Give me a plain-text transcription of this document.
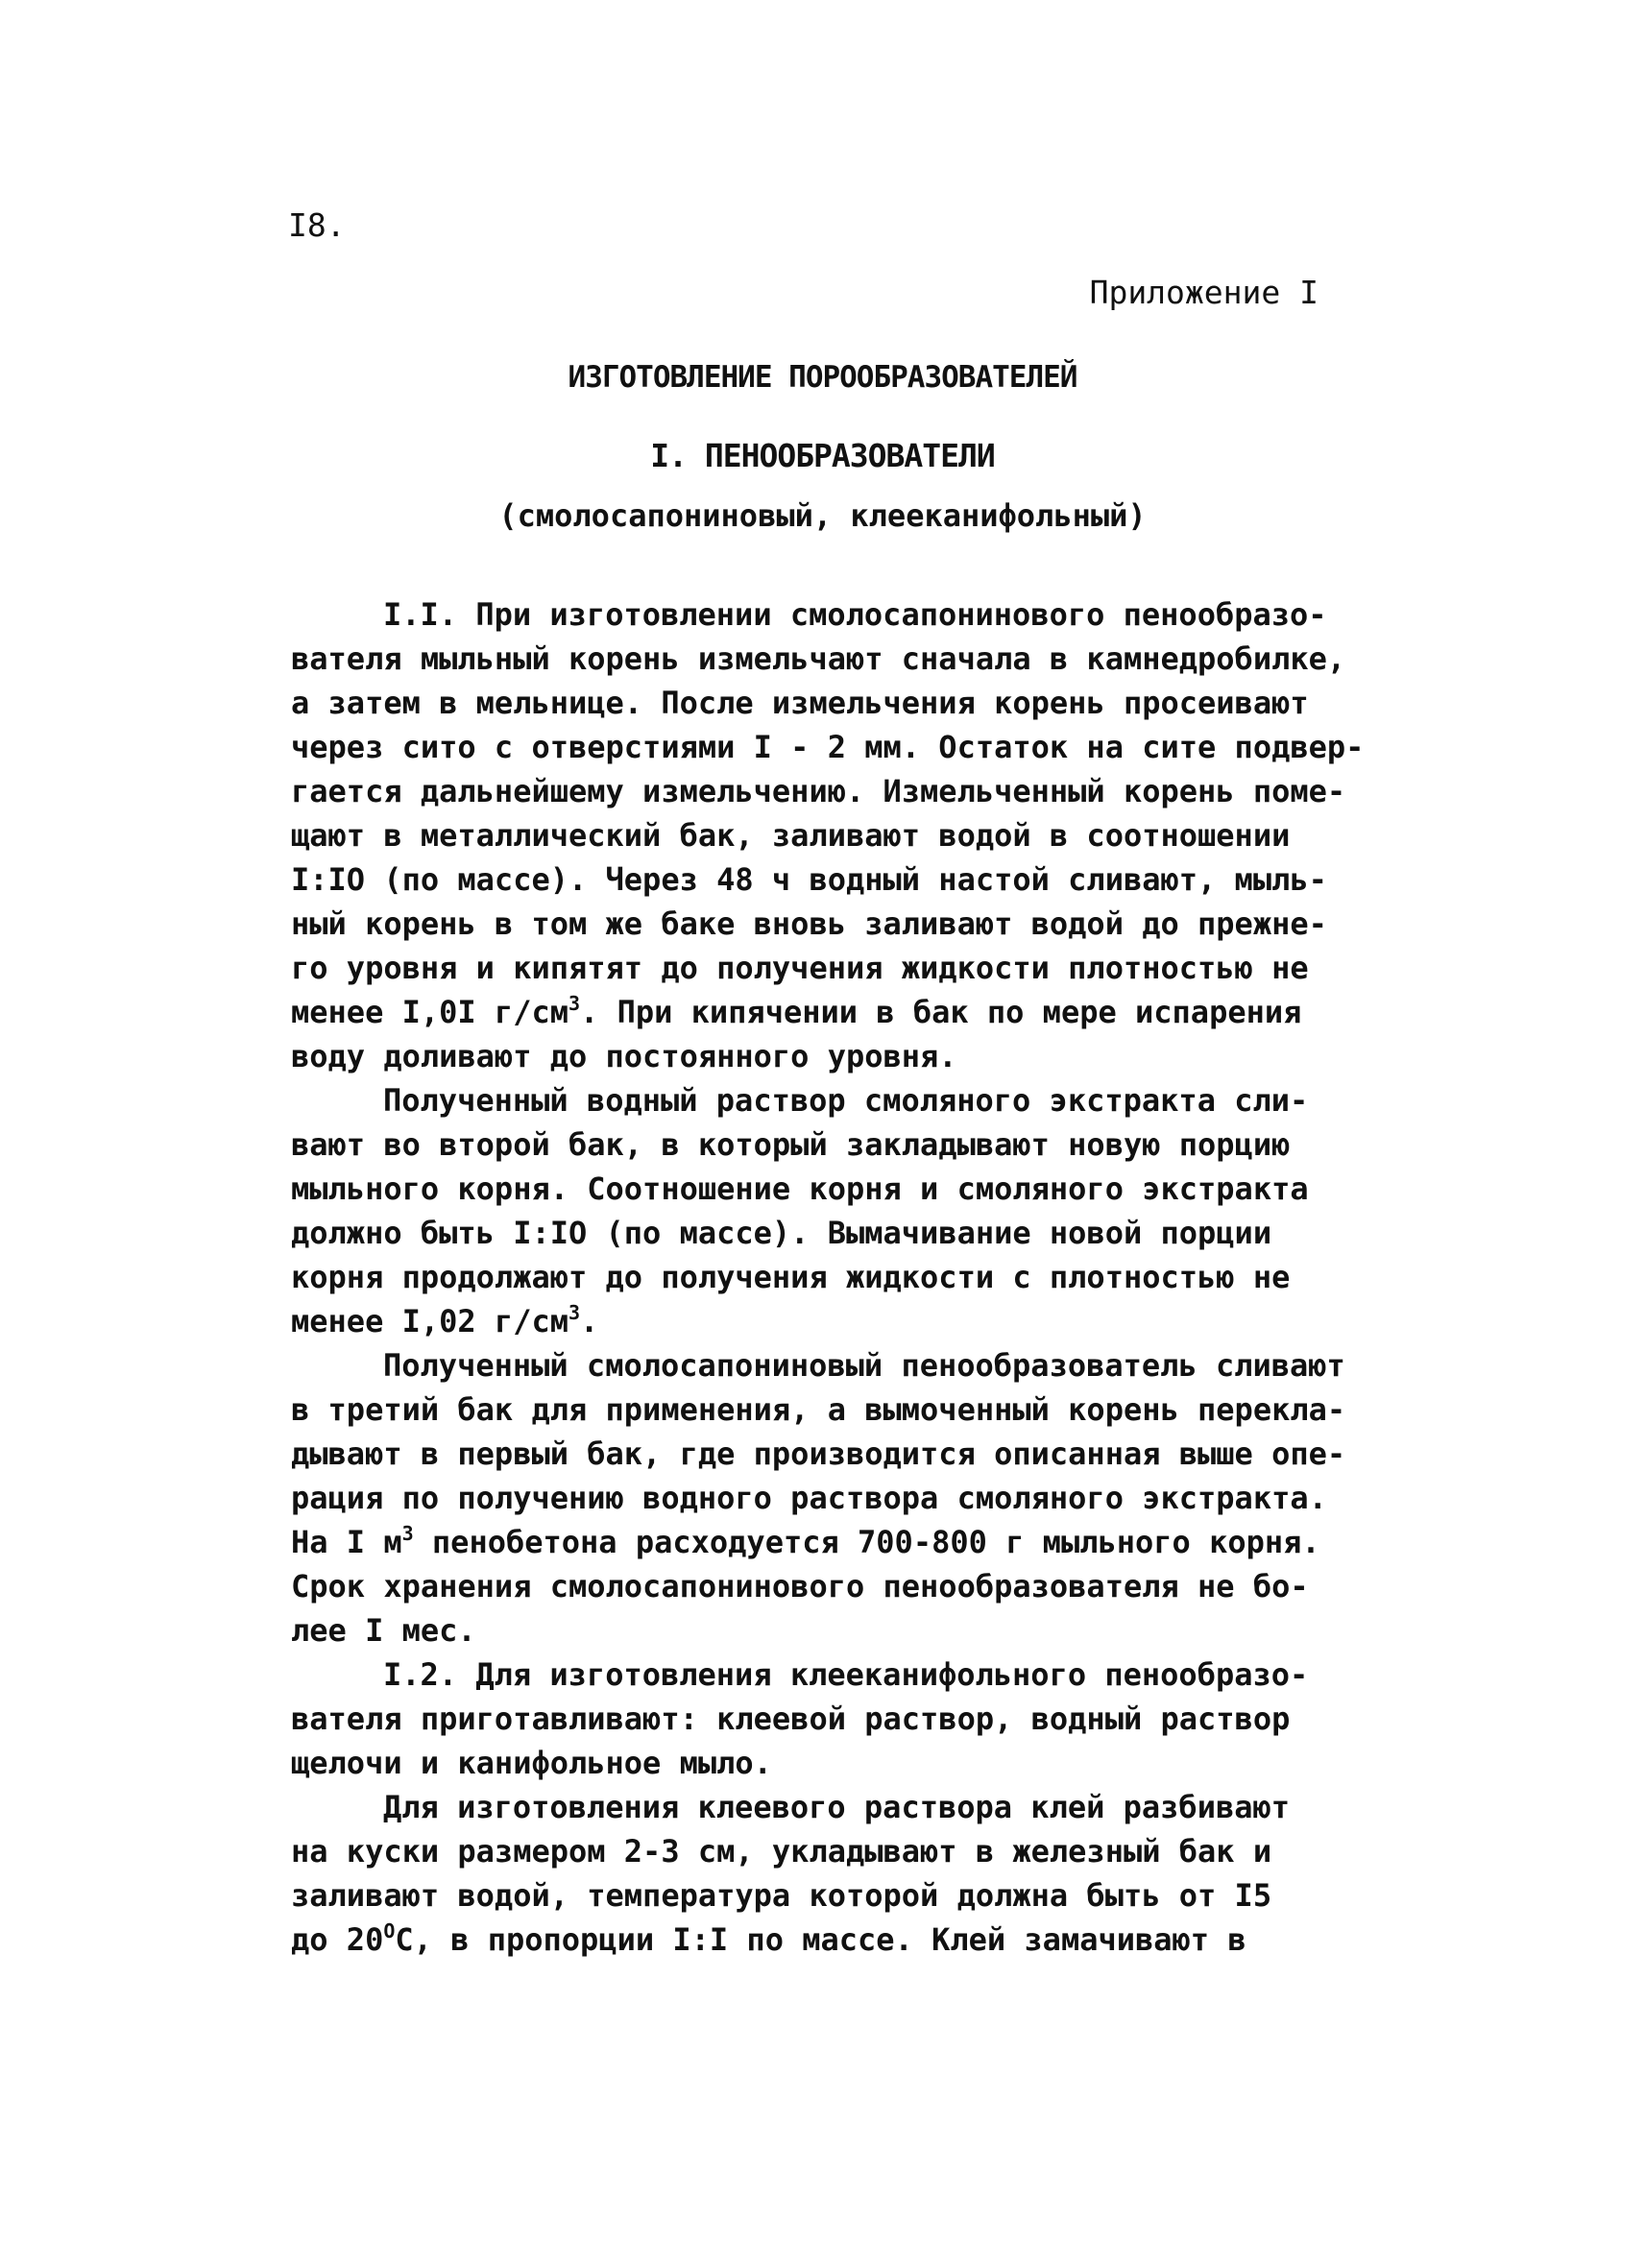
I8.
Приложение I
ИЗГОТОВЛЕНИЕ ПОРООБРАЗОВАТЕЛЕЙ
I. ПЕНООБРАЗОВАТЕЛИ
(смолосапониновый, клееканифольный)
I.I. При изготовлении смолосапонинового пенообразо-
вателя мыльный корень измельчают сначала в камнедробилке,
а затем в мельнице. После измельчения корень просеивают
через сито с отверстиями I - 2 мм. Остаток на сите подвер-
гается дальнейшему измельчению. Измельченный корень поме-
щают в металлический бак, заливают водой в соотношении
I:IO (по массе). Через 48 ч водный настой сливают, мыль-
ный корень в том же баке вновь заливают водой до прежне-
го уровня и кипятят до получения жидкости плотностью не
менее I,0I $г/см^3$. При кипячении в бак по мере испарения
воду доливают до постоянного уровня.
Полученный водный раствор смоляного экстракта сли-
вают во второй бак, в который закладывают новую порцию
мыльного корня. Соотношение корня и смоляного экстракта
должно быть I:IO (по массе). Вымачивание новой порции
корня продолжают до получения жидкости с плотностью не
менее I,02 $г/см^3$.
Полученный смолосапониновый пенообразователь сливают
в третий бак для применения, а вымоченный корень перекла-
дывают в первый бак, где производится описанная выше опе-
рация по получению водного раствора смоляного экстракта.
На I $м^3$ пенобетона расходуется 700-800 г мыльного корня.
Срок хранения смолосапонинового пенообразователя не бо-
лее I мес.
I.2. Для изготовления клееканифольного пенообразо-
вателя приготавливают: клеевой раствор, водный раствор
щелочи и канифольное мыло.
Для изготовления клеевого раствора клей разбивают
на куски размером 2-3 см, укладывают в железный бак и
заливают водой, температура которой должна быть от I5
до $20^OС$, в пропорции I:I по массе. Клей замачивают в
